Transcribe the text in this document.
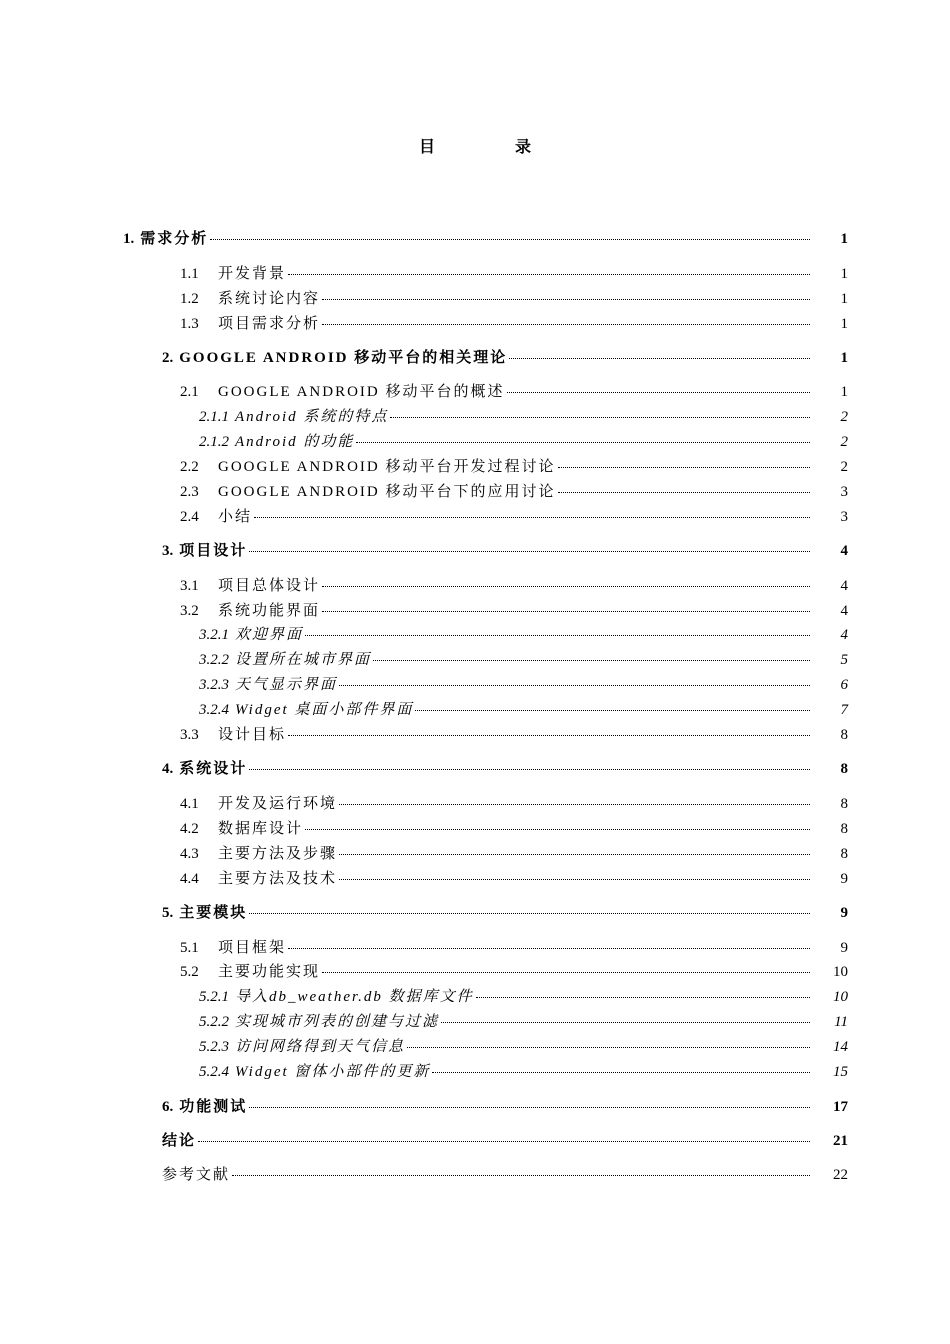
目	录
1. 需求分析	1
1.1 开发背景	1
1.2 系统讨论内容	1
1.3 项目需求分析	1
2. GOOGLE ANDROID 移动平台的相关理论	1
2.1 GOOGLE ANDROID 移动平台的概述	1
2.1.1 Android 系统的特点	2
2.1.2 Android 的功能	2
2.2 GOOGLE ANDROID 移动平台开发过程讨论	2
2.3 GOOGLE ANDROID 移动平台下的应用讨论	3
2.4 小结	3
3. 项目设计	4
3.1 项目总体设计	4
3.2 系统功能界面	4
3.2.1 欢迎界面	4
3.2.2 设置所在城市界面	5
3.2.3 天气显示界面	6
3.2.4 Widget 桌面小部件界面	7
3.3 设计目标	8
4. 系统设计	8
4.1 开发及运行环境	8
4.2 数据库设计	8
4.3 主要方法及步骤	8
4.4 主要方法及技术	9
5. 主要模块	9
5.1 项目框架	9
5.2 主要功能实现	10
5.2.1 导入db_weather.db 数据库文件	10
5.2.2 实现城市列表的创建与过滤	11
5.2.3 访问网络得到天气信息	14
5.2.4 Widget 窗体小部件的更新	15
6. 功能测试	17
结论	21
参考文献	22
